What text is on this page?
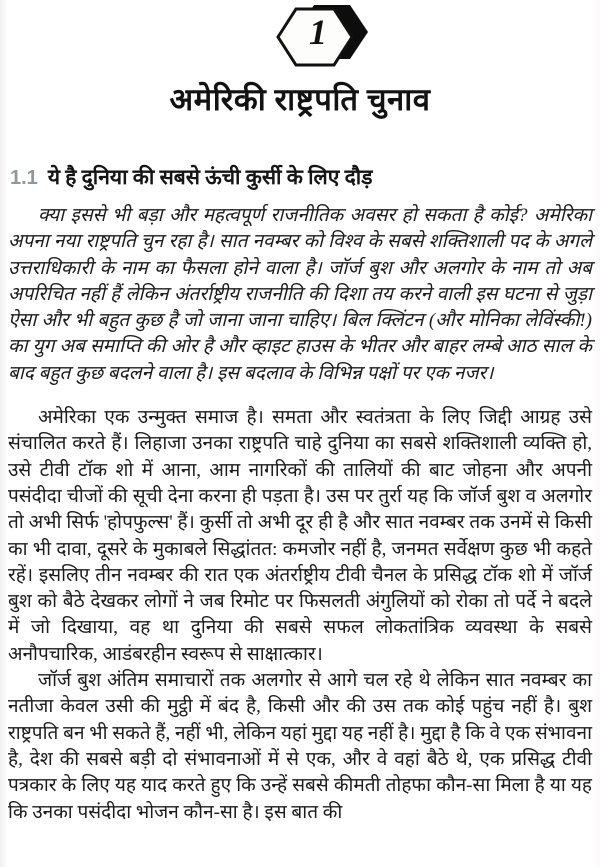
1
अमेरिकी राष्ट्रपति चुनाव
1.1 ये है दुनिया की सबसे ऊंची कुर्सी के लिए दौड़

क्या इससे भी बड़ा और महत्वपूर्ण राजनीतिक अवसर हो सकता है कोई? अमेरिका अपना नया राष्ट्रपति चुन रहा है। सात नवम्बर को विश्व के सबसे शक्तिशाली पद के अगले उत्तराधिकारी के नाम का फैसला होने वाला है। जॉर्ज बुश और अलगोर के नाम तो अब अपरिचित नहीं हैं लेकिन अंतर्राष्ट्रीय राजनीति की दिशा तय करने वाली इस घटना से जुड़ा ऐसा और भी बहुत कुछ है जो जाना जाना चाहिए। बिल क्लिंटन (और मोनिका लेविंस्की!) का युग अब समाप्ति की ओर है और व्हाइट हाउस के भीतर और बाहर लम्बे आठ साल के बाद बहुत कुछ बदलने वाला है। इस बदलाव के विभिन्न पक्षों पर एक नजर।

अमेरिका एक उन्मुक्त समाज है। समता और स्वतंत्रता के लिए जिद्दी आग्रह उसे संचालित करते हैं। लिहाजा उनका राष्ट्रपति चाहे दुनिया का सबसे शक्तिशाली व्यक्ति हो, उसे टीवी टॉक शो में आना, आम नागरिकों की तालियों की बाट जोहना और अपनी पसंदीदा चीजों की सूची देना करना ही पड़ता है। उस पर तुर्रा यह कि जॉर्ज बुश व अलगोर तो अभी सिर्फ 'होपफुल्स' हैं। कुर्सी तो अभी दूर ही है और सात नवम्बर तक उनमें से किसी का भी दावा, दूसरे के मुकाबले सिद्धांतत: कमजोर नहीं है, जनमत सर्वेक्षण कुछ भी कहते रहें। इसलिए तीन नवम्बर की रात एक अंतर्राष्ट्रीय टीवी चैनल के प्रसिद्ध टॉक शो में जॉर्ज बुश को बैठे देखकर लोगों ने जब रिमोट पर फिसलती अंगुलियों को रोका तो पर्दे ने बदले में जो दिखाया, वह था दुनिया की सबसे सफल लोकतांत्रिक व्यवस्था के सबसे अनौपचारिक, आडंबरहीन स्वरूप से साक्षात्कार।

जॉर्ज बुश अंतिम समाचारों तक अलगोर से आगे चल रहे थे लेकिन सात नवम्बर का नतीजा केवल उसी की मुट्ठी में बंद है, किसी और की उस तक कोई पहुंच नहीं है। बुश राष्ट्रपति बन भी सकते हैं, नहीं भी, लेकिन यहां मुद्दा यह नहीं है। मुद्दा है कि वे एक संभावना है, देश की सबसे बड़ी दो संभावनाओं में से एक, और वे वहां बैठे थे, एक प्रसिद्ध टीवी पत्रकार के लिए यह याद करते हुए कि उन्हें सबसे कीमती तोहफा कौन-सा मिला है या यह कि उनका पसंदीदा भोजन कौन-सा है। इस बात की
